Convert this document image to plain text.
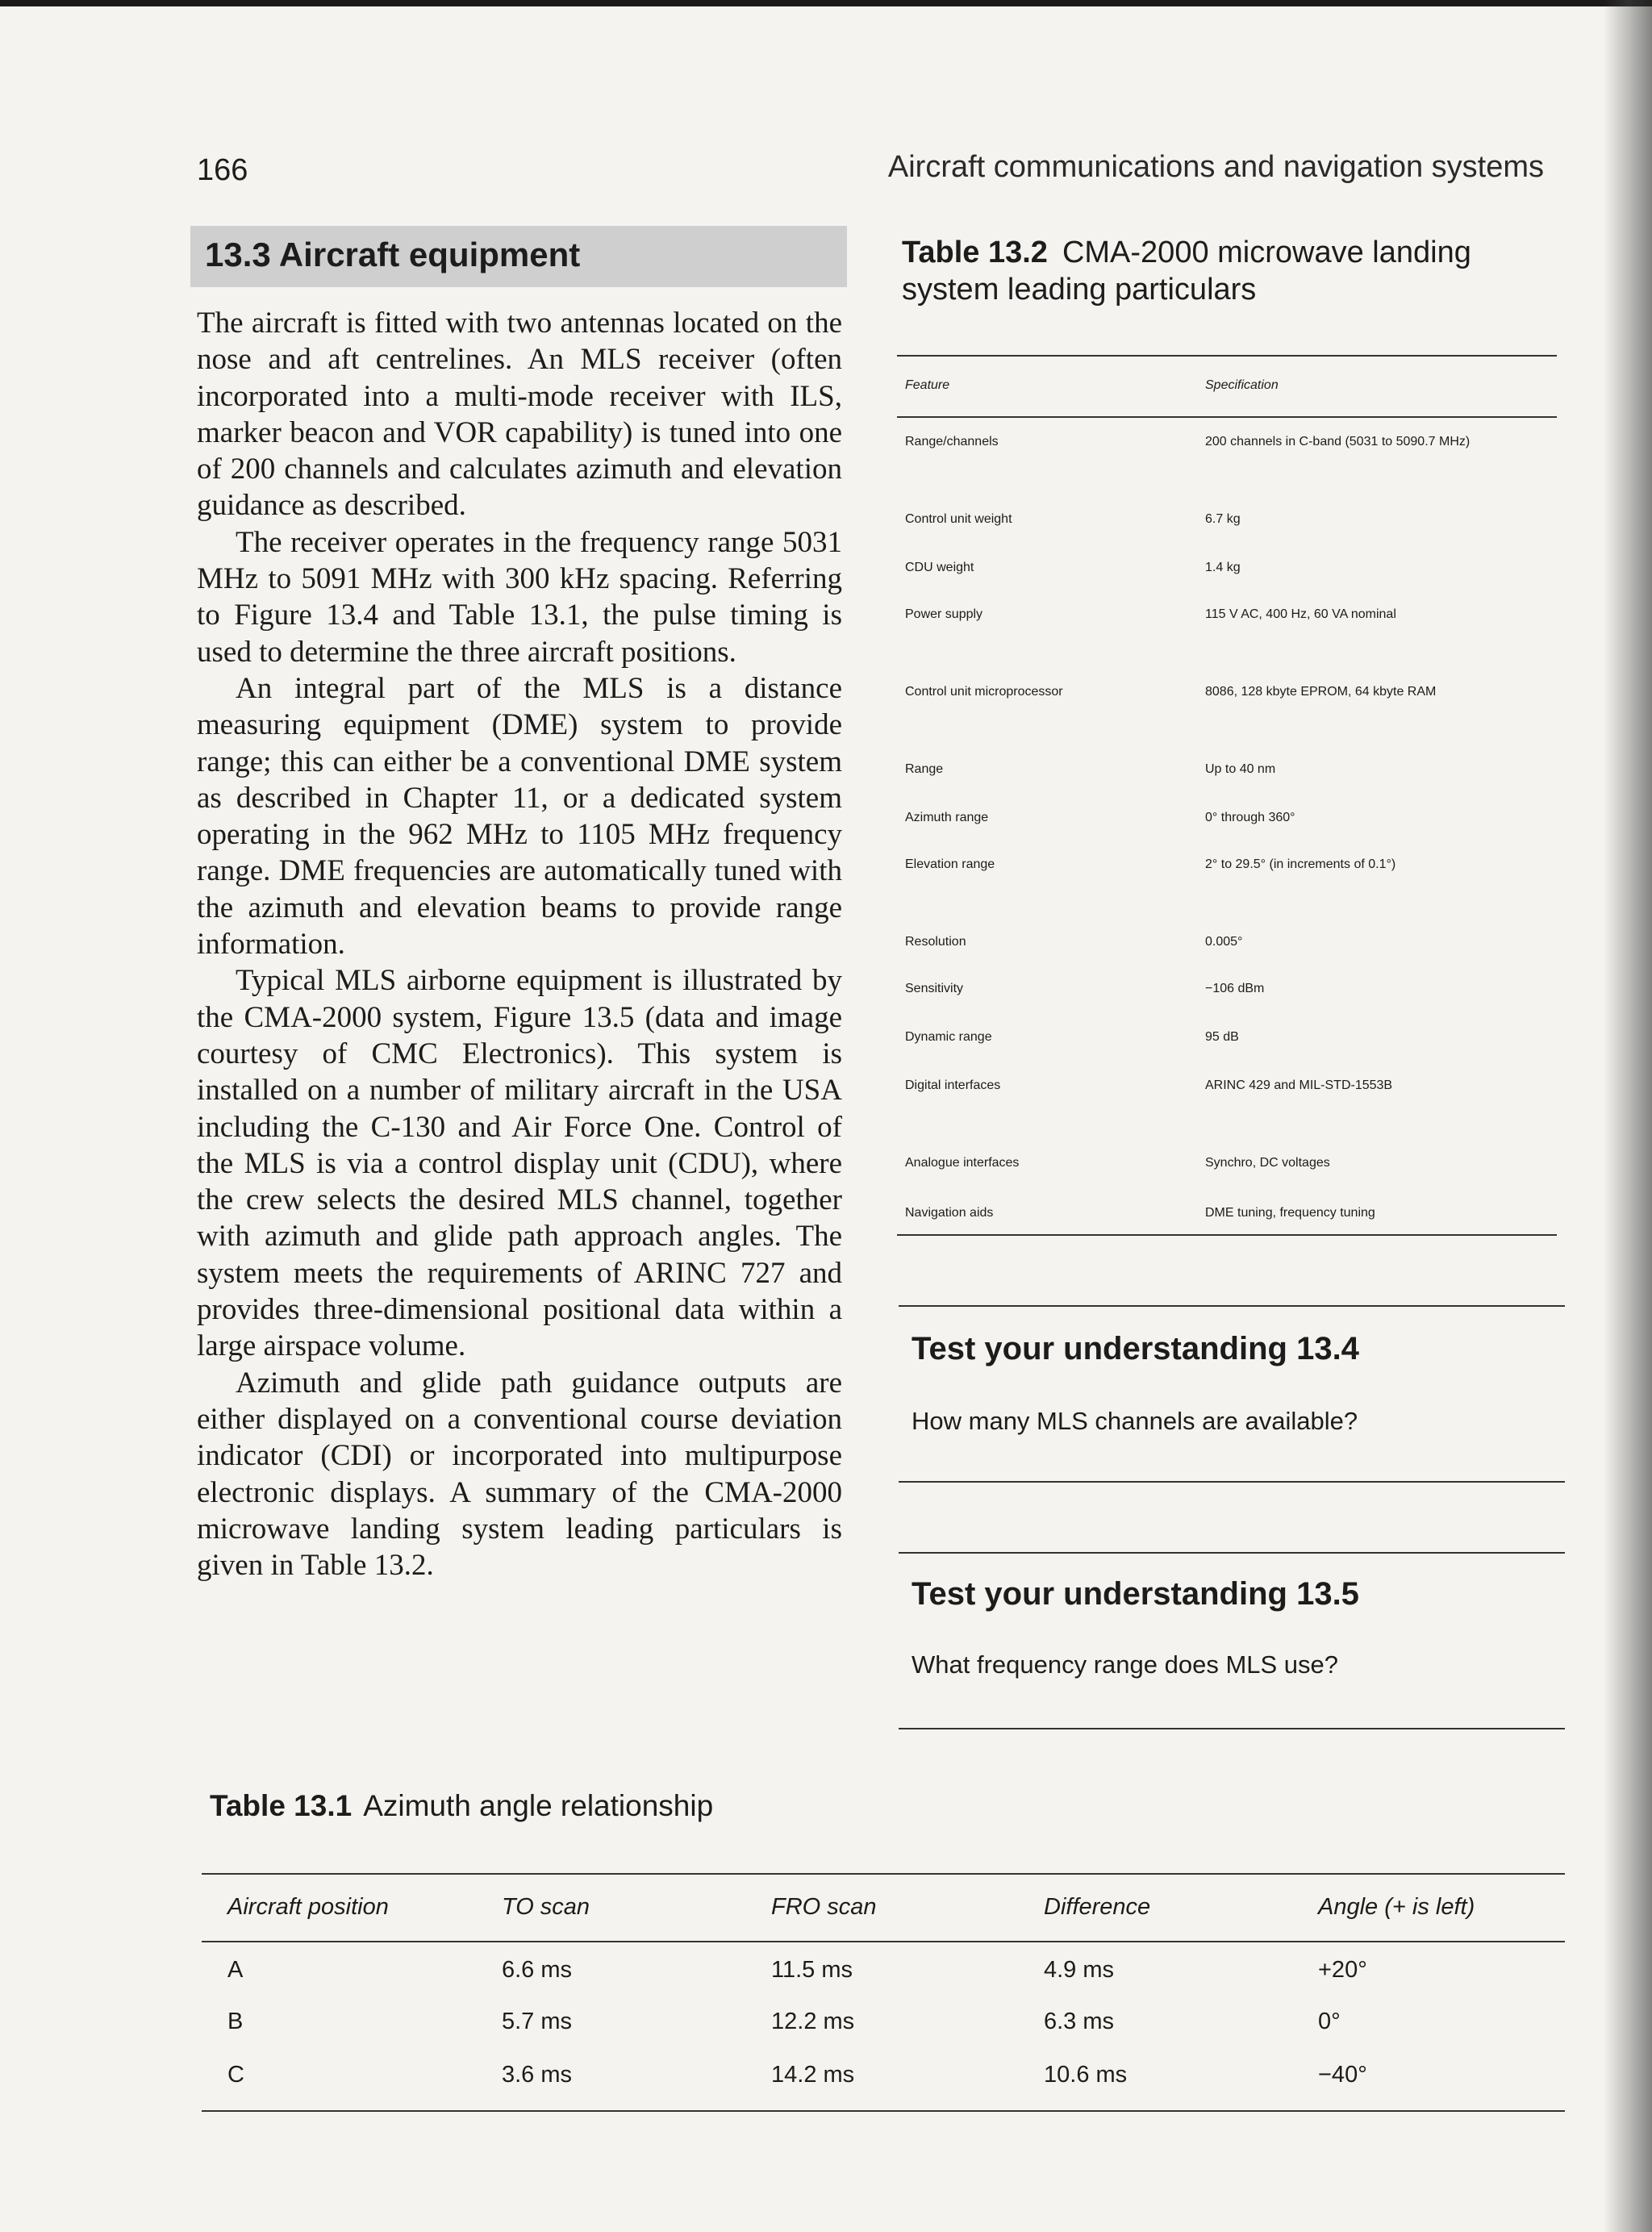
166	Aircraft communications and navigation systems
13.3 Aircraft equipment

The aircraft is fitted with two antennas located on the nose and aft centrelines. An MLS receiver (often incorporated into a multi-mode receiver with ILS, marker beacon and VOR capability) is tuned into one of 200 channels and calculates azimuth and elevation guidance as described.

The receiver operates in the frequency range 5031 MHz to 5091 MHz with 300 kHz spacing. Referring to Figure 13.4 and Table 13.1, the pulse timing is used to determine the three aircraft positions.

An integral part of the MLS is a distance measuring equipment (DME) system to provide range; this can either be a conventional DME system as described in Chapter 11, or a dedicated system operating in the 962 MHz to 1105 MHz frequency range. DME frequencies are automatically tuned with the azimuth and elevation beams to provide range information.

Typical MLS airborne equipment is illustrated by the CMA-2000 system, Figure 13.5 (data and image courtesy of CMC Electronics). This system is installed on a number of military aircraft in the USA including the C-130 and Air Force One. Control of the MLS is via a control display unit (CDU), where the crew selects the desired MLS channel, together with azimuth and glide path approach angles. The system meets the requirements of ARINC 727 and provides three-dimensional positional data within a large airspace volume.

Azimuth and glide path guidance outputs are either displayed on a conventional course deviation indicator (CDI) or incorporated into multipurpose electronic displays. A summary of the CMA-2000 microwave landing system leading particulars is given in Table 13.2.

Table 13.2 CMA-2000 microwave landing system leading particulars
Feature	Specification
Range/channels	200 channels in C-band (5031 to 5090.7 MHz)
Control unit weight	6.7 kg
CDU weight	1.4 kg
Power supply	115 V AC, 400 Hz, 60 VA nominal
Control unit microprocessor	8086, 128 kbyte EPROM, 64 kbyte RAM
Range	Up to 40 nm
Azimuth range	0° through 360°
Elevation range	2° to 29.5° (in increments of 0.1°)
Resolution	0.005°
Sensitivity	−106 dBm
Dynamic range	95 dB
Digital interfaces	ARINC 429 and MIL-STD-1553B
Analogue interfaces	Synchro, DC voltages
Navigation aids	DME tuning, frequency tuning
Test your understanding 13.4
How many MLS channels are available?
Test your understanding 13.5
What frequency range does MLS use?
Table 13.1 Azimuth angle relationship
Aircraft position	TO scan	FRO scan	Difference	Angle (+ is left)
A	6.6 ms	11.5 ms	4.9 ms	+20°
B	5.7 ms	12.2 ms	6.3 ms	0°
C	3.6 ms	14.2 ms	10.6 ms	−40°
